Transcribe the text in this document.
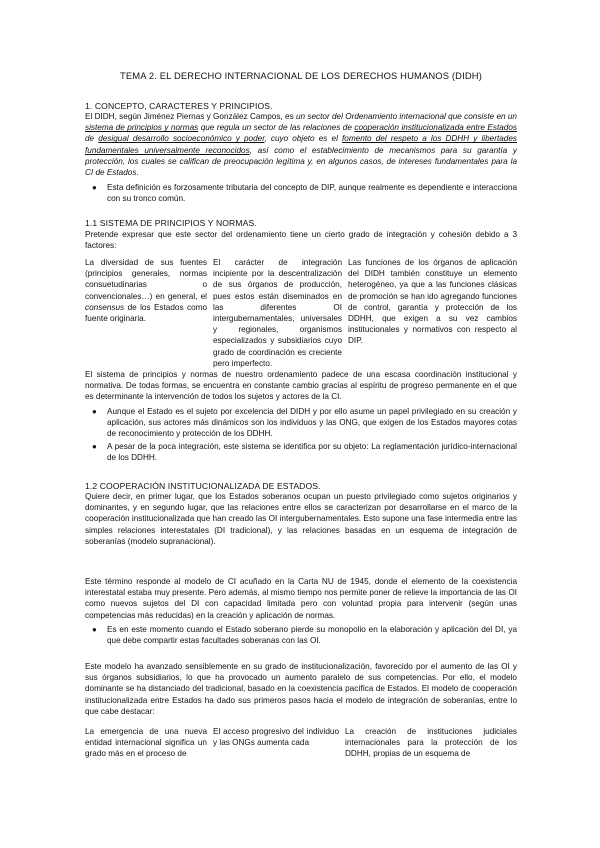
TEMA 2. EL DERECHO INTERNACIONAL DE LOS DERECHOS HUMANOS (DIDH)
1. CONCEPTO, CARACTERES Y PRINCIPIOS.

El DIDH, según Jiménez Piernas y González Campos, es un sector del Ordenamiento internacional que consiste en un sistema de principios y normas que regula un sector de las relaciones de cooperación institucionalizada entre Estados de desigual desarrollo socioeconómico y poder, cuyo objeto es el fomento del respeto a los DDHH y libertades fundamentales universalmente reconocidos, así como el establecimiento de mecanismos para su garantía y protección, los cuales se califican de preocupación legítima y, en algunos casos, de intereses fundamentales para la CI de Estados.

● Esta definición es forzosamente tributaria del concepto de DIP, aunque realmente es dependiente e interacciona con su tronco común.
1.1 SISTEMA DE PRINCIPIOS Y NORMAS.

Pretende expresar que este sector del ordenamiento tiene un cierto grado de integración y cohesión debido a 3 factores:

La diversidad de sus fuentes (principios generales, normas consuetudinarias o convencionales…) en general, el consensus de los Estados como fuente originaria.
El carácter de integración incipiente por la descentralización de sus órganos de producción, pues estos están diseminados en las diferentes OI intergubernamentales, universales y regionales, organismos especializados y subsidiarios cuyo grado de coordinación es creciente pero imperfecto.
Las funciones de los órganos de aplicación del DIDH también constituye un elemento heterogéneo, ya que a las funciones clásicas de promoción se han ido agregando funciones de control, garantía y protección de los DDHH, que exigen a su vez cambios institucionales y normativos con respecto al DIP.

El sistema de principios y normas de nuestro ordenamiento padece de una escasa coordinación institucional y normativa. De todas formas, se encuentra en constante cambio gracias al espíritu de progreso permanente en el que es determinante la intervención de todos los sujetos y actores de la CI.

● Aunque el Estado es el sujeto por excelencia del DIDH y por ello asume un papel privilegiado en su creación y aplicación, sus actores más dinámicos son los individuos y las ONG, que exigen de los Estados mayores cotas de reconocimiento y protección de los DDHH.
● A pesar de la poca integración, este sistema se identifica por su objeto: La reglamentación jurídico-internacional de los DDHH.
1.2 COOPERACIÓN INSTITUCIONALIZADA DE ESTADOS.

Quiere decir, en primer lugar, que los Estados soberanos ocupan un puesto privilegiado como sujetos originarios y dominantes, y en segundo lugar, que las relaciones entre ellos se caracterizan por desarrollarse en el marco de la cooperación institucionalizada que han creado las OI intergubernamentales. Esto supone una fase intermedia entre las simples relaciones interestatales (DI tradicional), y las relaciones basadas en un esquema de integración de soberanías (modelo supranacional).

Este término responde al modelo de CI acuñado en la Carta NU de 1945, donde el elemento de la coexistencia interestatal estaba muy presente. Pero además, al mismo tiempo nos permite poner de relieve la importancia de las OI como nuevos sujetos del DI con capacidad limitada pero con voluntad propia para intervenir (según unas competencias más reducidas) en la creación y aplicación de normas.

● Es en este momento cuando el Estado soberano pierde su monopolio en la elaboración y aplicación del DI, ya que debe compartir estas facultades soberanas con las OI.

Este modelo ha avanzado sensiblemente en su grado de institucionalización, favorecido por el aumento de las OI y sus órganos subsidiarios, lo que ha provocado un aumento paralelo de sus competencias. Por ello, el modelo dominante se ha distanciado del tradicional, basado en la coexistencia pacífica de Estados. El modelo de cooperación institucionalizada entre Estados ha dado sus primeros pasos hacia el modelo de integración de soberanías, entre lo que cabe destacar:

La emergencia de una nueva entidad internacional significa un grado más en el proceso de
El acceso progresivo del individuo y las ONGs aumenta cada
La creación de instituciones judiciales internacionales para la protección de los DDHH, propias de un esquema de
